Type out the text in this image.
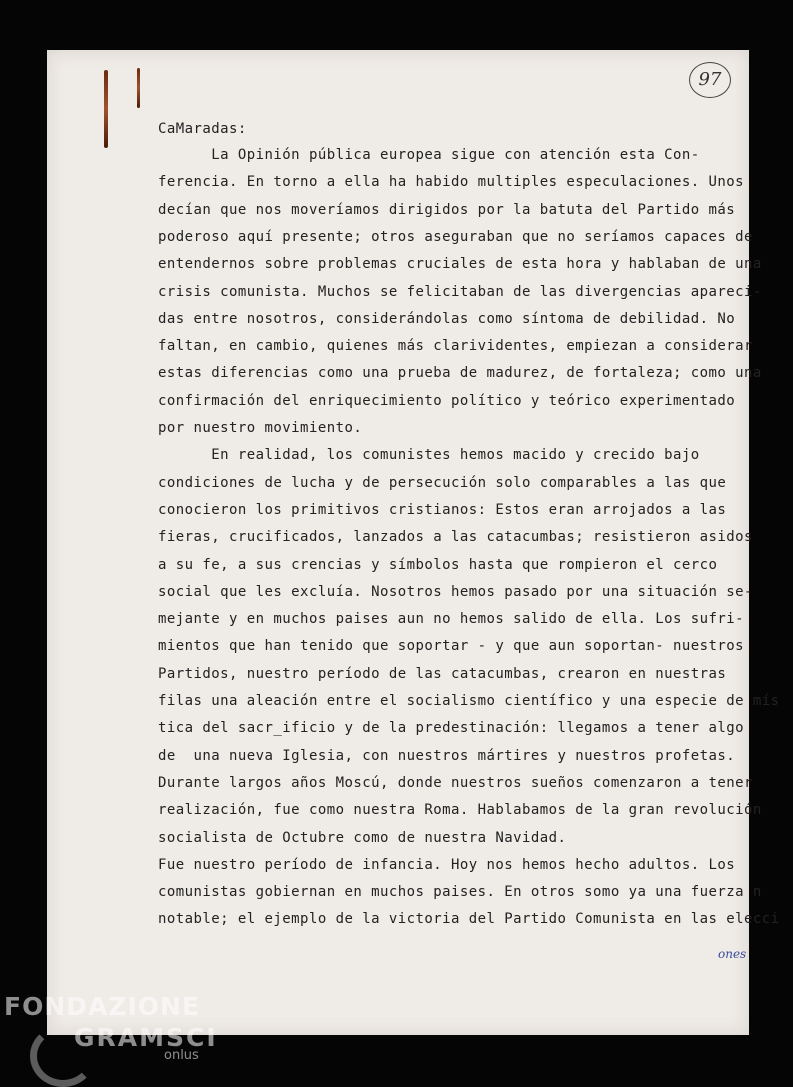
97

CaMaradas:

La Opinión pública europea sigue con atención esta Con-

ferencia. En torno a ella ha habido multiples especulaciones. Unos

decían que nos moveríamos dirigidos por la batuta del Partido más

poderoso aquí presente; otros aseguraban que no seríamos capaces de

entendernos sobre problemas cruciales de esta hora y hablaban de una

crisis comunista. Muchos se felicitaban de las divergencias apareci-

das entre nosotros, considerándolas como síntoma de debilidad. No

faltan, en cambio, quienes más clarividentes, empiezan a considerar

estas diferencias como una prueba de madurez, de fortaleza; como una

confirmación del enriquecimiento político y teórico experimentado

por nuestro movimiento.

En realidad, los comunistes hemos macido y crecido bajo

condiciones de lucha y de persecución solo comparables a las que

conocieron los primitivos cristianos: Estos eran arrojados a las

fieras, crucificados, lanzados a las catacumbas; resistieron asidos

a su fe, a sus crencias y símbolos hasta que rompieron el cerco

social que les excluía. Nosotros hemos pasado por una situación se-

mejante y en muchos paises aun no hemos salido de ella. Los sufri-

mientos que han tenido que soportar - y que aun soportan- nuestros

Partidos, nuestro período de las catacumbas, crearon en nuestras

filas una aleación entre el socialismo científico y una especie de mís

tica del sacr_ificio y de la predestinación: llegamos a tener algo

de  una nueva Iglesia, con nuestros mártires y nuestros profetas.

Durante largos años Moscú, donde nuestros sueños comenzaron a tener

realización, fue como nuestra Roma. Hablabamos de la gran revolución

socialista de Octubre como de nuestra Navidad.

Fue nuestro período de infancia. Hoy nos hemos hecho adultos. Los

comunistas gobiernan en muchos paises. En otros somo ya una fuerza n

notable; el ejemplo de la victoria del Partido Comunista en las elecci

ones
FONDAZIONE
GRAMSCI
onlus
